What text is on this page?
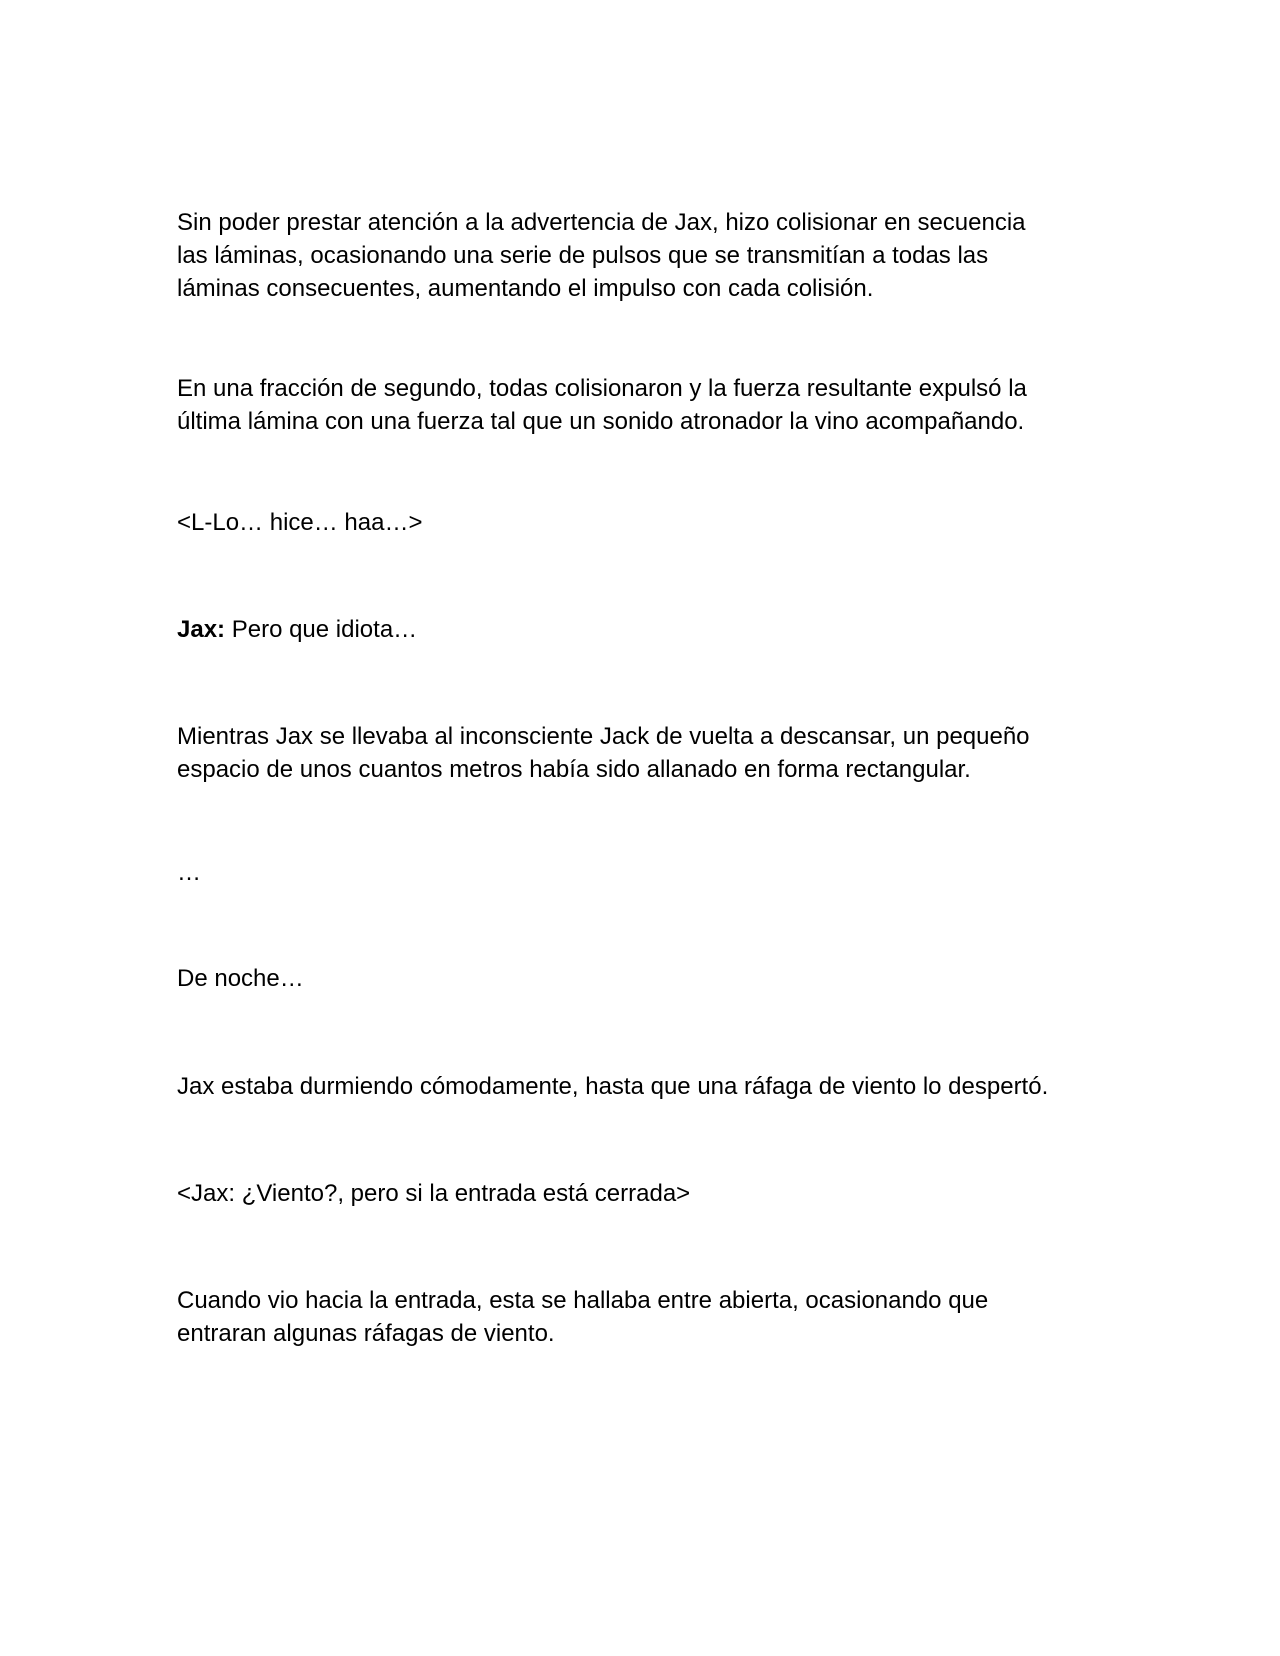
Sin poder prestar atención a la advertencia de Jax, hizo colisionar en secuencia
las láminas, ocasionando una serie de pulsos que se transmitían a todas las
láminas consecuentes, aumentando el impulso con cada colisión.

En una fracción de segundo, todas colisionaron y la fuerza resultante expulsó la
última lámina con una fuerza tal que un sonido atronador la vino acompañando.

<L-Lo… hice… haa…>

Jax: Pero que idiota…

Mientras Jax se llevaba al inconsciente Jack de vuelta a descansar, un pequeño
espacio de unos cuantos metros había sido allanado en forma rectangular.

…

De noche…

Jax estaba durmiendo cómodamente, hasta que una ráfaga de viento lo despertó.

<Jax: ¿Viento?, pero si la entrada está cerrada>

Cuando vio hacia la entrada, esta se hallaba entre abierta, ocasionando que
entraran algunas ráfagas de viento.
